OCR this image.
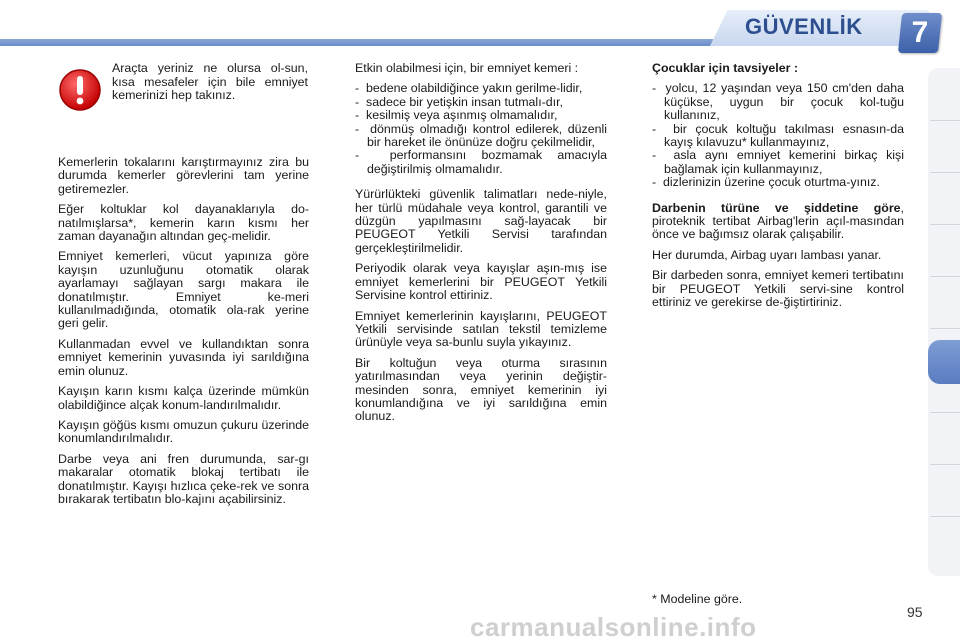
GÜVENLİK	7
Araçta yeriniz ne olursa ol-sun, kısa mesafeler için bile emniyet kemerinizi hep takınız.

Kemerlerin tokalarını karıştırmayınız zira bu durumda kemerler görevlerini tam yerine getiremezler.

Eğer koltuklar kol dayanaklarıyla do-natılmışlarsa*, kemerin karın kısmı her zaman dayanağın altından geç-melidir.

Emniyet kemerleri, vücut yapınıza göre kayışın uzunluğunu otomatik olarak ayarlamayı sağlayan sargı makara ile donatılmıştır. Emniyet ke-meri kullanılmadığında, otomatik ola-rak yerine geri gelir.

Kullanmadan evvel ve kullandıktan sonra emniyet kemerinin yuvasında iyi sarıldığına emin olunuz.

Kayışın karın kısmı kalça üzerinde mümkün olabildiğince alçak konum-landırılmalıdır.

Kayışın göğüs kısmı omuzun çukuru üzerinde konumlandırılmalıdır.

Darbe veya ani fren durumunda, sar-gı makaralar otomatik blokaj tertibatı ile donatılmıştır. Kayışı hızlıca çeke-rek ve sonra bırakarak tertibatın blo-kajını açabilirsiniz.

Etkin olabilmesi için, bir emniyet kemeri :

-  bedene olabildiğince yakın gerilme-lidir,
-  sadece bir yetişkin insan tutmalı-dır,
-  kesilmiş veya aşınmış olmamalıdır,
-  dönmüş olmadığı kontrol edilerek, düzenli bir hareket ile önünüze doğru çekilmelidir,
-  performansını bozmamak amacıyla değiştirilmiş olmamalıdır.

Yürürlükteki güvenlik talimatları nede-niyle, her türlü müdahale veya kontrol, garantili ve düzgün yapılmasını sağ-layacak bir PEUGEOT Yetkili Servisi tarafından gerçekleştirilmelidir.

Periyodik olarak veya kayışlar aşın-mış ise emniyet kemerlerini bir PEUGEOT Yetkili Servisine kontrol ettiriniz.

Emniyet kemerlerinin kayışlarını, PEUGEOT Yetkili servisinde satılan tekstil temizleme ürünüyle veya sa-bunlu suyla yıkayınız.

Bir koltuğun veya oturma sırasının yatırılmasından veya yerinin değiştir-mesinden sonra, emniyet kemerinin iyi konumlandığına ve iyi sarıldığına emin olunuz.

Çocuklar için tavsiyeler :

-  yolcu, 12 yaşından veya 150 cm'den daha küçükse, uygun bir çocuk kol-tuğu kullanınız,
-  bir çocuk koltuğu takılması esnasın-da kayış kılavuzu* kullanmayınız,
-  asla aynı emniyet kemerini birkaç kişi bağlamak için kullanmayınız,
-  dizlerinizin üzerine çocuk oturtma-yınız.

Darbenin türüne ve şiddetine göre, piroteknik tertibat Airbag'lerin açıl-masından önce ve bağımsız olarak çalışabilir.

Her durumda, Airbag uyarı lambası yanar.

Bir darbeden sonra, emniyet kemeri tertibatını bir PEUGEOT Yetkili servi-sine kontrol ettiriniz ve gerekirse de-ğiştirtiriniz.

* Modeline göre.
carmanualsonline.info	95
